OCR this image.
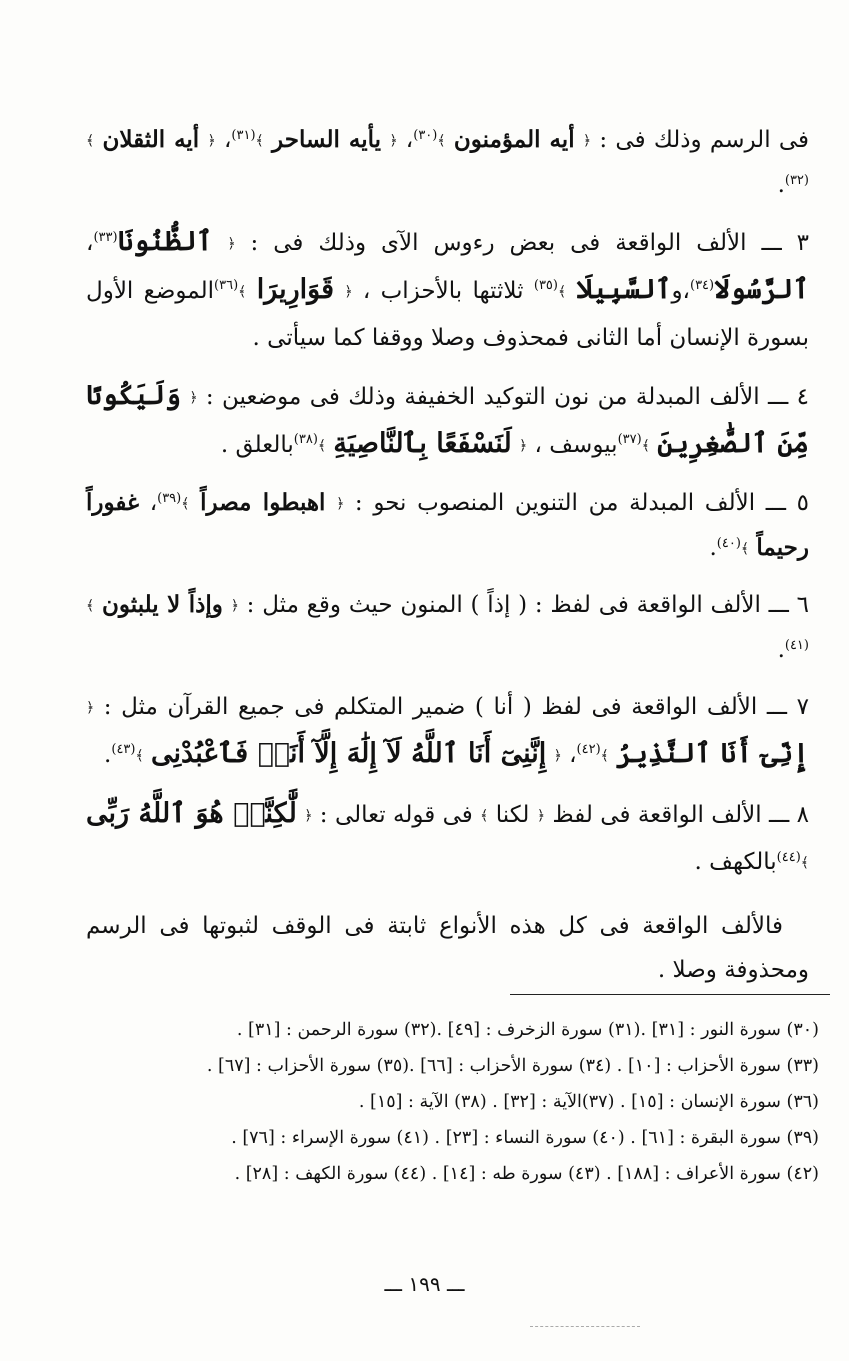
فى الرسم وذلك فى : ﴿ أيه المؤمنون ﴾$^{(٣٠)}$، ﴿ يأيه الساحر ﴾$^{(٣١)}$، ﴿ أيه الثقلان ﴾$^{(٣٢)}$.

٣ ـــ الألف الواقعة فى بعض رءوس الآى وذلك فى : ﴿ ٱلظُّنُونَا$^{(٣٣)}$، ٱلرَّسُولَا$^{(٣٤)}$،وٱلسَّبِيلَا ﴾$^{(٣٥)}$ ثلاثتها بالأحزاب ، ﴿ قَوَارِيرَا ﴾$^{(٣٦)}$الموضع الأول بسورة الإنسان أما الثانى فمحذوف وصلا ووقفا كما سيأتى .

٤ ـــ الألف المبدلة من نون التوكيد الخفيفة وذلك فى موضعين : ﴿ وَلَيَكُونًا مِّنَ ٱلصَّٰغِرِينَ ﴾$^{(٣٧)}$بيوسف ، ﴿ لَنَسْفَعًا بِٱلنَّاصِيَةِ ﴾$^{(٣٨)}$بالعلق .

٥ ـــ الألف المبدلة من التنوين المنصوب نحو : ﴿ اهبطوا مصراً ﴾$^{(٣٩)}$، غفوراً رحيماً ﴾$^{(٤٠)}$.

٦ ـــ الألف الواقعة فى لفظ : ( إذاً ) المنون حيث وقع مثل : ﴿ وإذاً لا يلبثون ﴾$^{(٤١)}$.

٧ ـــ الألف الواقعة فى لفظ ( أنا ) ضمير المتكلم فى جميع القرآن مثل : ﴿ إِنِّىٓ أَنَا ٱلنَّذِيرُ ﴾$^{(٤٢)}$، ﴿ إِنَّنِىٓ أَنَا ٱللَّهُ لَآ إِلَٰهَ إِلَّآ أَنَا۠ فَٱعْبُدْنِى ﴾$^{(٤٣)}$.

٨ ـــ الألف الواقعة فى لفظ ﴿ لكنا ﴾ فى قوله تعالى : ﴿ لَّٰكِنَّا۠ هُوَ ٱللَّهُ رَبِّى ﴾$^{(٤٤)}$بالكهف .

فالألف الواقعة فى كل هذه الأنواع ثابتة فى الوقف لثبوتها فى الرسم ومحذوفة وصلا .

(٣٠) سورة النور : [٣١] .(٣١) سورة الزخرف : [٤٩] .(٣٢) سورة الرحمن : [٣١] .
(٣٣) سورة الأحزاب : [١٠] . (٣٤) سورة الأحزاب : [٦٦] .(٣٥) سورة الأحزاب : [٦٧] .
(٣٦) سورة الإنسان : [١٥] . (٣٧)الآية : [٣٢] . (٣٨) الآية : [١٥] .
(٣٩) سورة البقرة : [٦١] . (٤٠) سورة النساء : [٢٣] . (٤١) سورة الإسراء : [٧٦] .
(٤٢) سورة الأعراف : [١٨٨] . (٤٣) سورة طه : [١٤] . (٤٤) سورة الكهف : [٢٨] .
ـــ ١٩٩ ـــ
